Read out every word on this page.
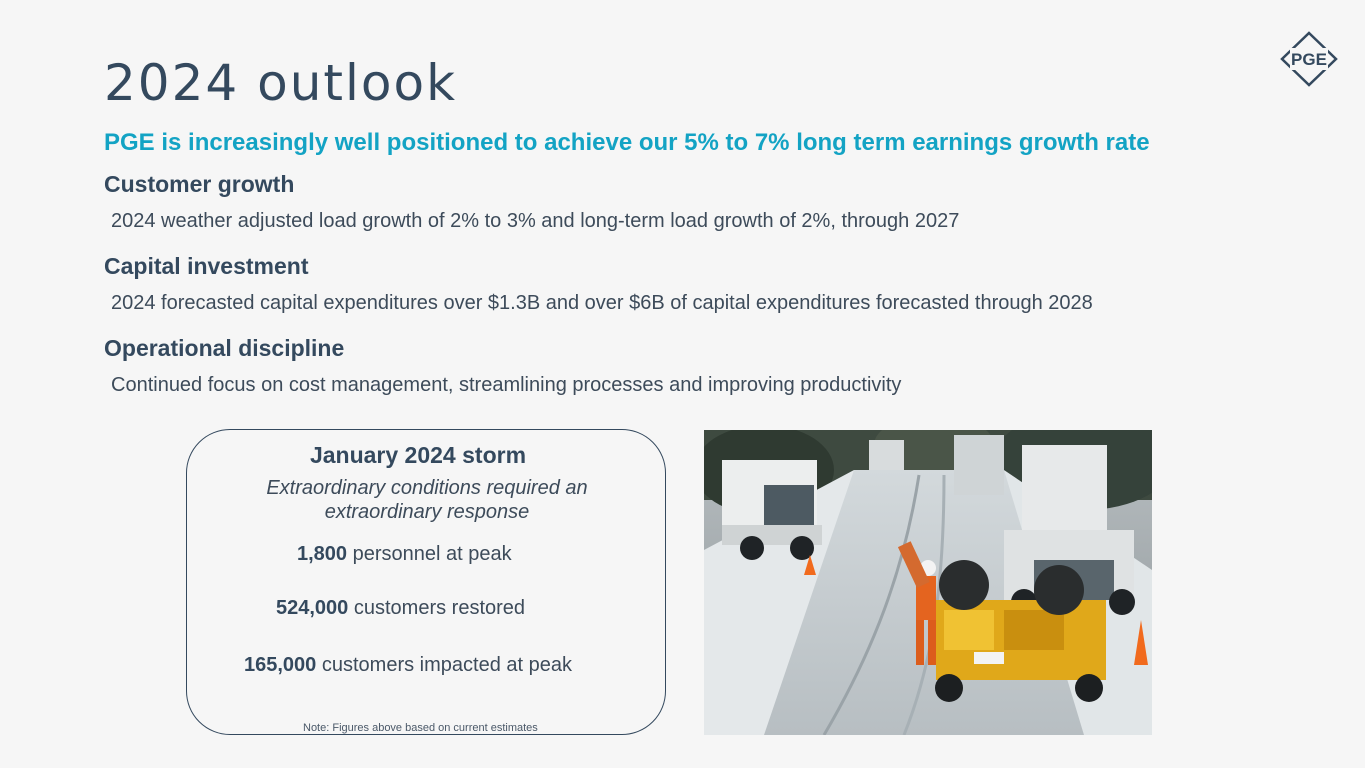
2024 outlook	PGE
PGE is increasingly well positioned to achieve our 5% to 7% long term earnings growth rate
Customer growth
2024 weather adjusted load growth of 2% to 3% and long-term load growth of 2%, through 2027
Capital investment
2024 forecasted capital expenditures over $1.3B and over $6B of capital expenditures forecasted through 2028
Operational discipline
Continued focus on cost management, streamlining processes and improving productivity
January 2024 storm
Extraordinary conditions required an extraordinary response
1,800 personnel at peak
524,000 customers restored
165,000 customers impacted at peak
Note: Figures above based on current estimates
